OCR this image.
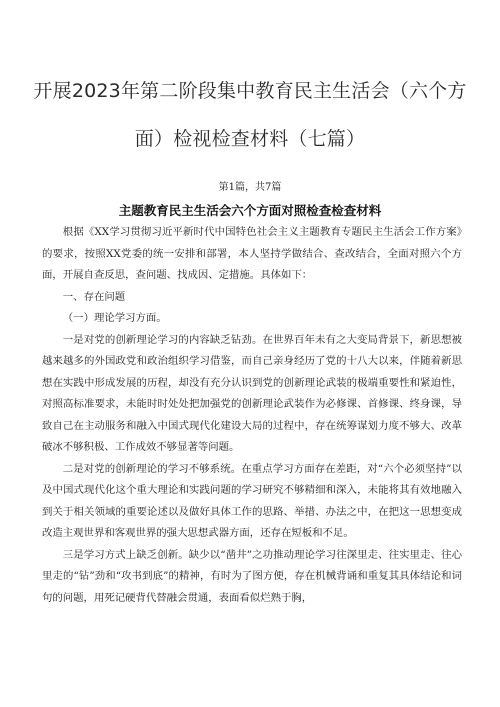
开展2023年第二阶段集中教育民主生活会（六个方
面）检视检查材料（七篇）
第1篇，共7篇
主题教育民主生活会六个方面对照检查检查材料

根据《XX学习贯彻习近平新时代中国特色社会主义主题教育专题民主生活会工作方案》的要求，按照XX党委的统一安排和部署，本人坚持学做结合、查改结合，全面对照六个方面，开展自查反思，查问题、找成因、定措施。具体如下：

一、存在问题

（一）理论学习方面。

一是对党的创新理论学习的内容缺乏钻劲。在世界百年未有之大变局背景下，新思想被越来越多的外国政党和政治组织学习借鉴，而自己亲身经历了党的十八大以来，伴随着新思想在实践中形成发展的历程，却没有充分认识到党的创新理论武装的极端重要性和紧迫性，对照高标准要求，未能时时处处把加强党的创新理论武装作为必修课、首修课、终身课，导致自己在主动服务和融入中国式现代化建设大局的过程中，存在统筹谋划力度不够大、改革破冰不够积极、工作成效不够显著等问题。

二是对党的创新理论的学习不够系统。在重点学习方面存在差距，对“六个必须坚持”以及中国式现代化这个重大理论和实践问题的学习研究不够精细和深入，未能将其有效地融入到关于相关领域的重要论述以及做好具体工作的思路、举措、办法之中，在把这一思想变成改造主观世界和客观世界的强大思想武器方面，还存在短板和不足。

三是学习方式上缺乏创新。缺少以“凿井”之功推动理论学习往深里走、往实里走、往心里走的“钻”劲和“攻书到底”的精神，有时为了图方便，存在机械背诵和重复其具体结论和词句的问题，用死记硬背代替融会贯通，表面看似烂熟于胸，
